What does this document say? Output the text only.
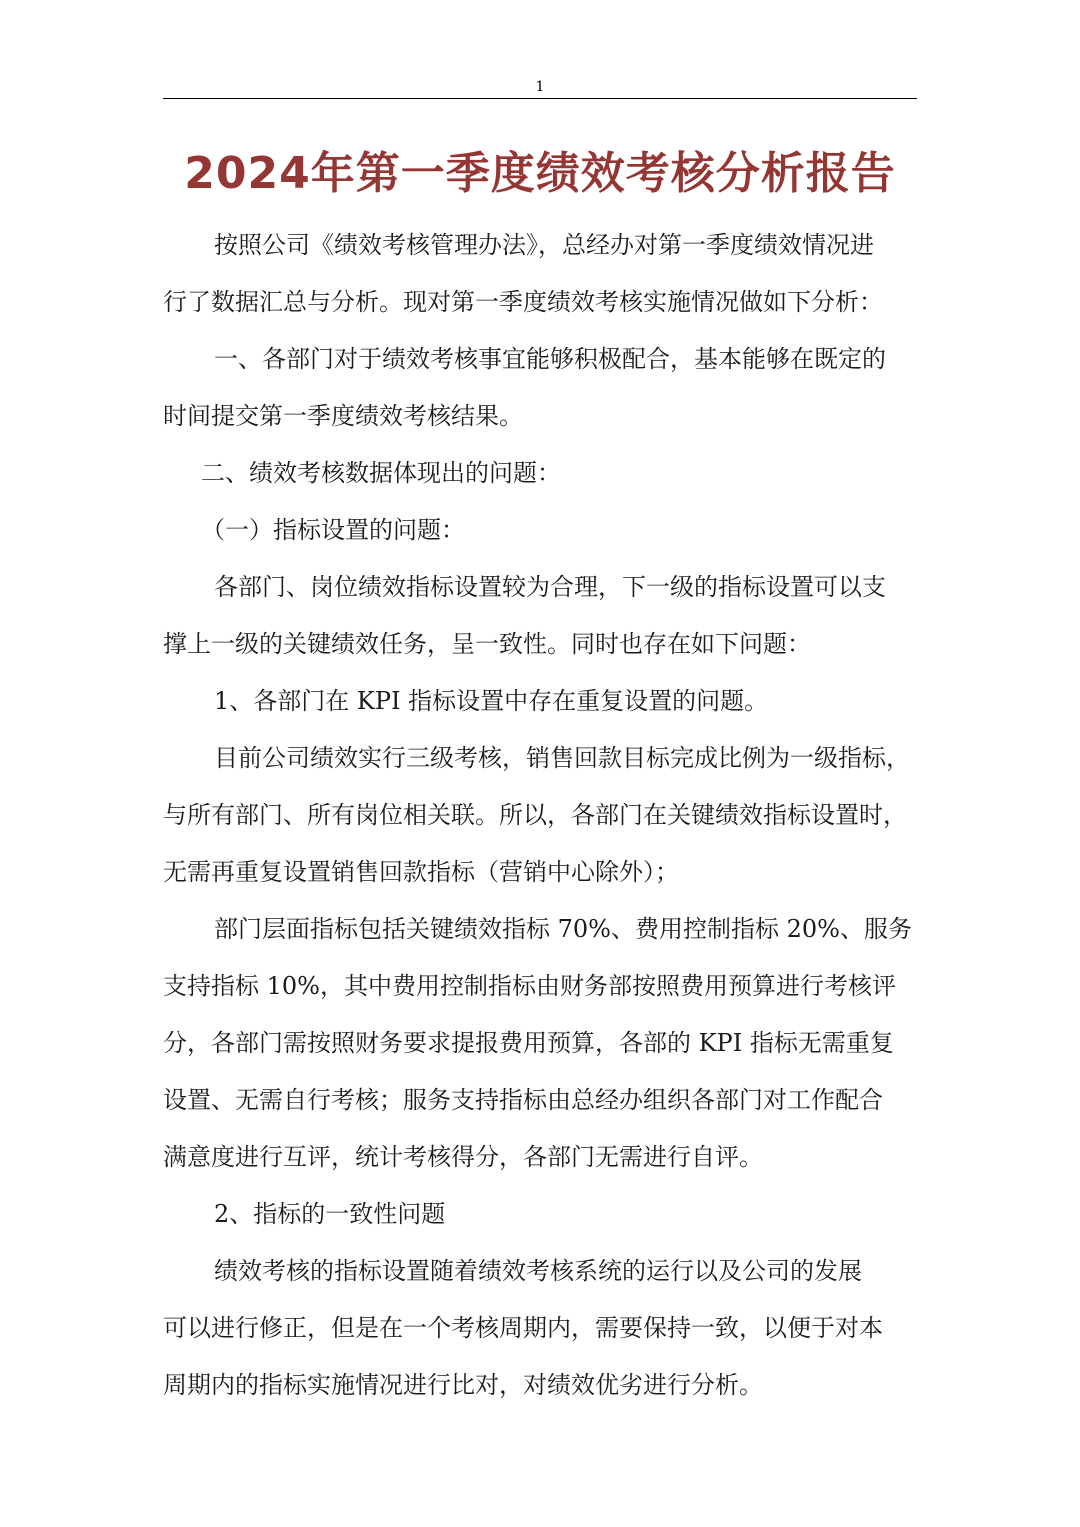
1
2024年第一季度绩效考核分析报告

按照公司《绩效考核管理办法》，总经办对第一季度绩效情况进
行了数据汇总与分析。现对第一季度绩效考核实施情况做如下分析：

一、各部门对于绩效考核事宜能够积极配合，基本能够在既定的
时间提交第一季度绩效考核结果。

二、绩效考核数据体现出的问题：

（一）指标设置的问题：

各部门、岗位绩效指标设置较为合理，下一级的指标设置可以支
撑上一级的关键绩效任务，呈一致性。同时也存在如下问题：

1、各部门在 KPI 指标设置中存在重复设置的问题。

目前公司绩效实行三级考核，销售回款目标完成比例为一级指标，
与所有部门、所有岗位相关联。所以，各部门在关键绩效指标设置时，
无需再重复设置销售回款指标（营销中心除外）；

部门层面指标包括关键绩效指标 70%、费用控制指标 20%、服务
支持指标 10%，其中费用控制指标由财务部按照费用预算进行考核评
分，各部门需按照财务要求提报费用预算，各部的 KPI 指标无需重复
设置、无需自行考核；服务支持指标由总经办组织各部门对工作配合
满意度进行互评，统计考核得分，各部门无需进行自评。

2、指标的一致性问题

绩效考核的指标设置随着绩效考核系统的运行以及公司的发展
可以进行修正，但是在一个考核周期内，需要保持一致，以便于对本
周期内的指标实施情况进行比对，对绩效优劣进行分析。
